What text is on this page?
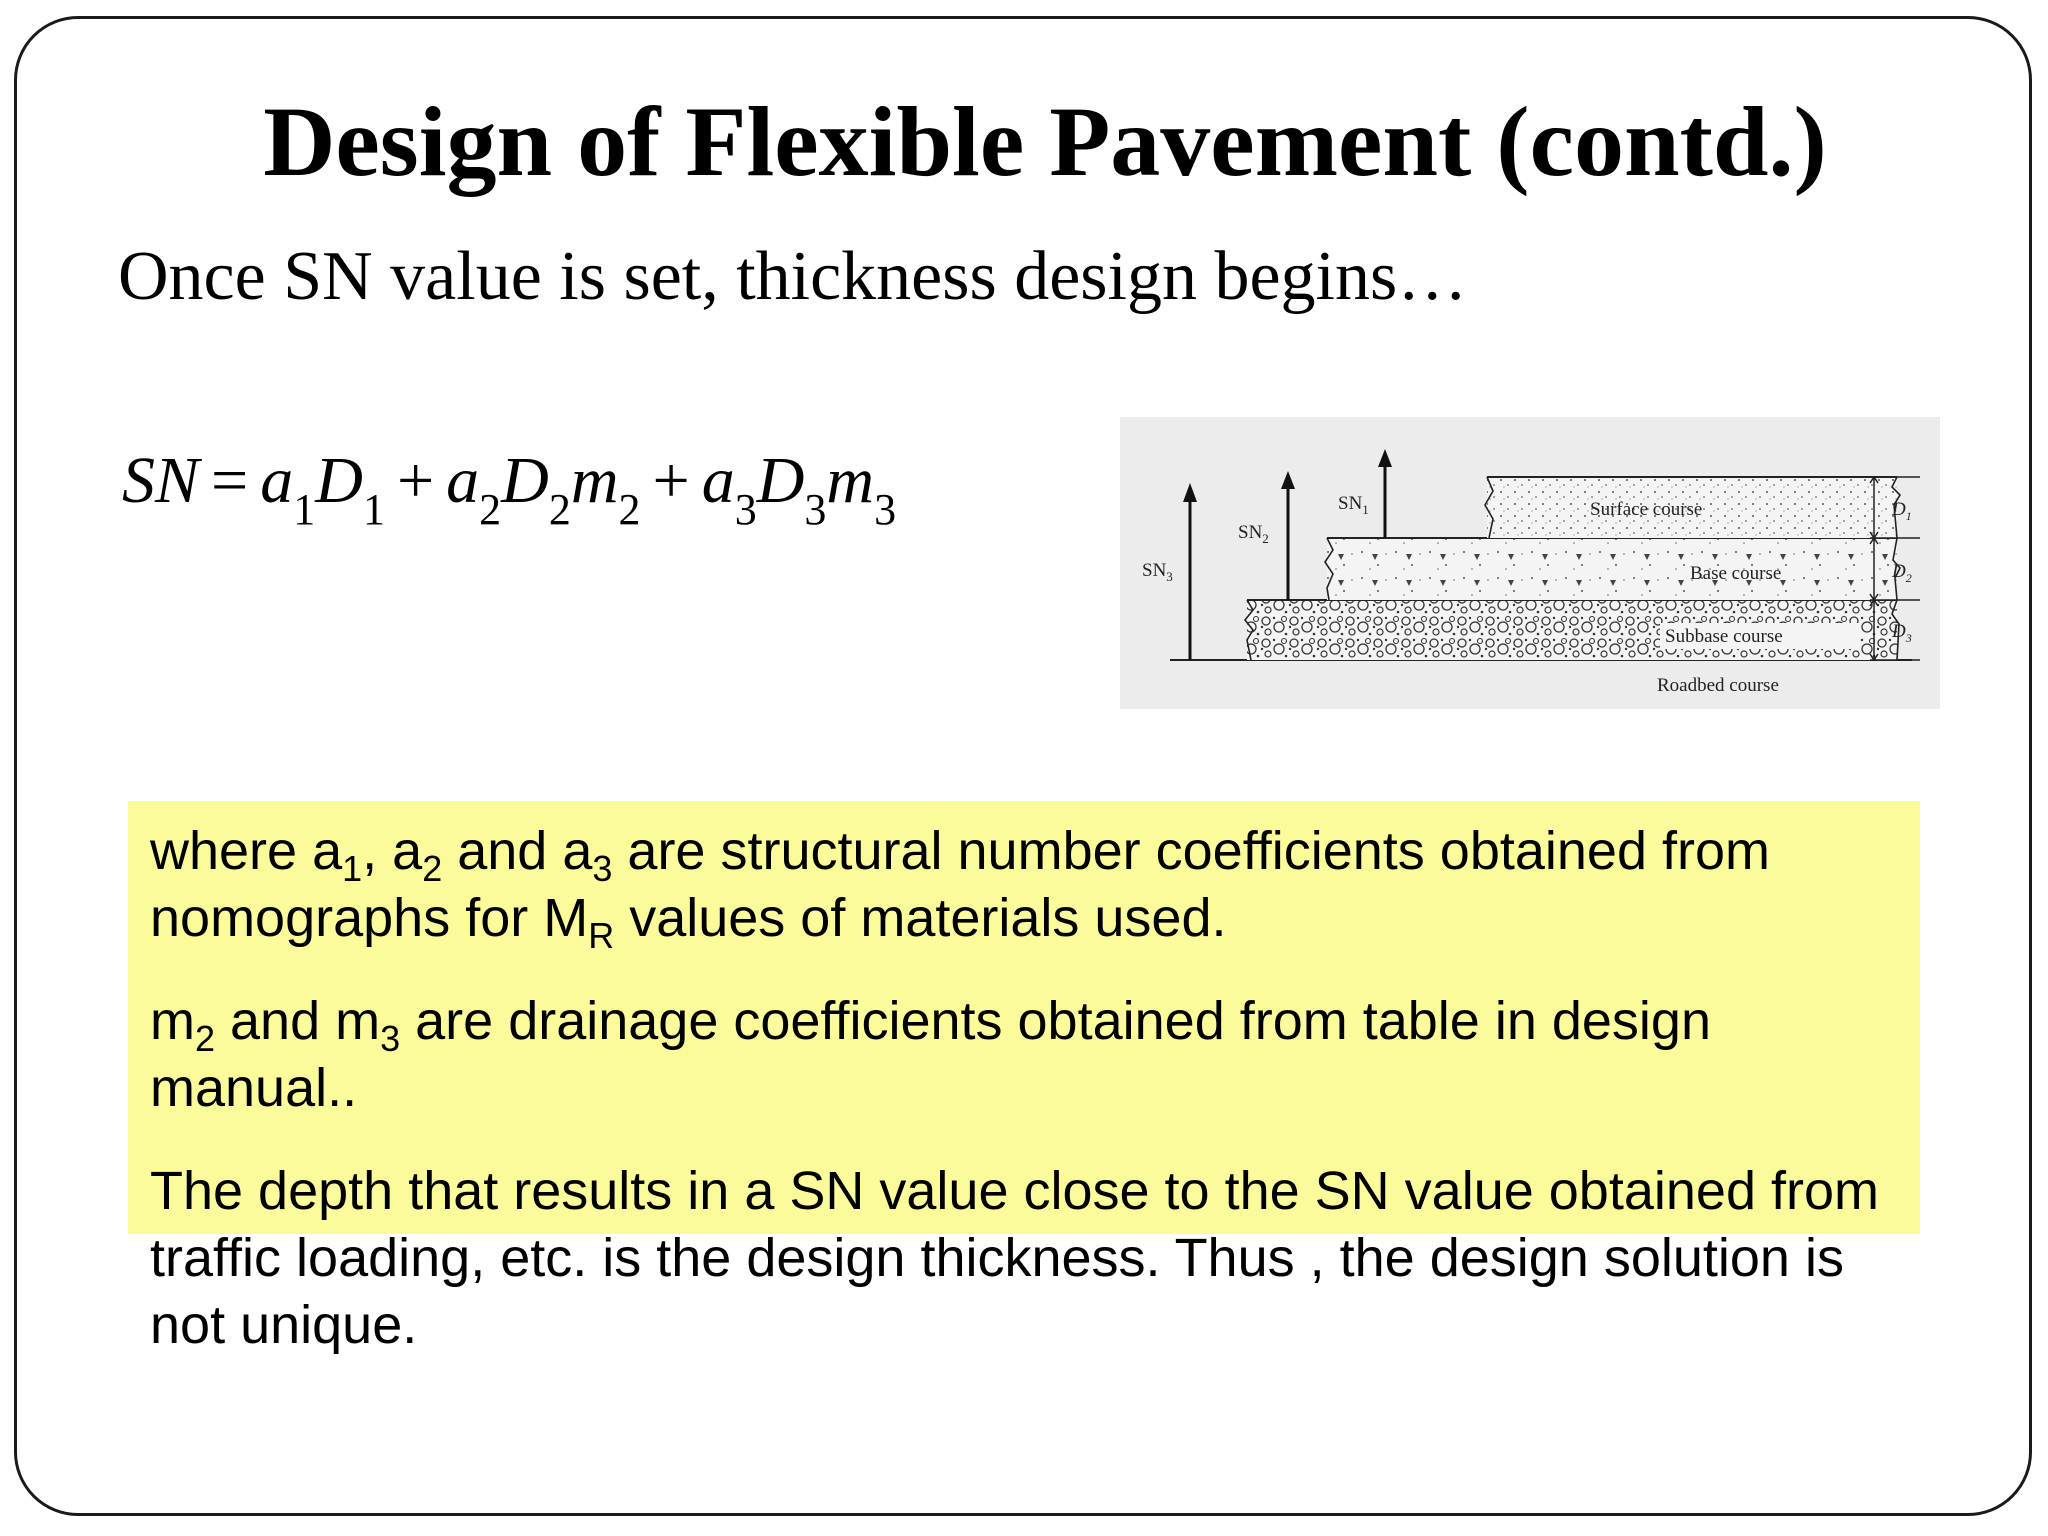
Design of Flexible Pavement (contd.)
Once SN value is set, thickness design begins…
SN = $a_1D_1 + a_2D_2m_2 + a_3D_3m_3$
$SN_3$
$SN_2$
$SN_1$	Surface course
Base course
Subbase course
Roadbed course
$D_1$
$D_2$
$D_3$

where $a_1$, $a_2$ and $a_3$ are structural number coefficients obtained from nomographs for $M_R$ values of materials used.

$m_2$ and $m_3$ are drainage coefficients obtained from table in design manual..

The depth that results in a SN value close to the SN value obtained from traffic loading, etc. is the design thickness. Thus , the design solution is not unique.
